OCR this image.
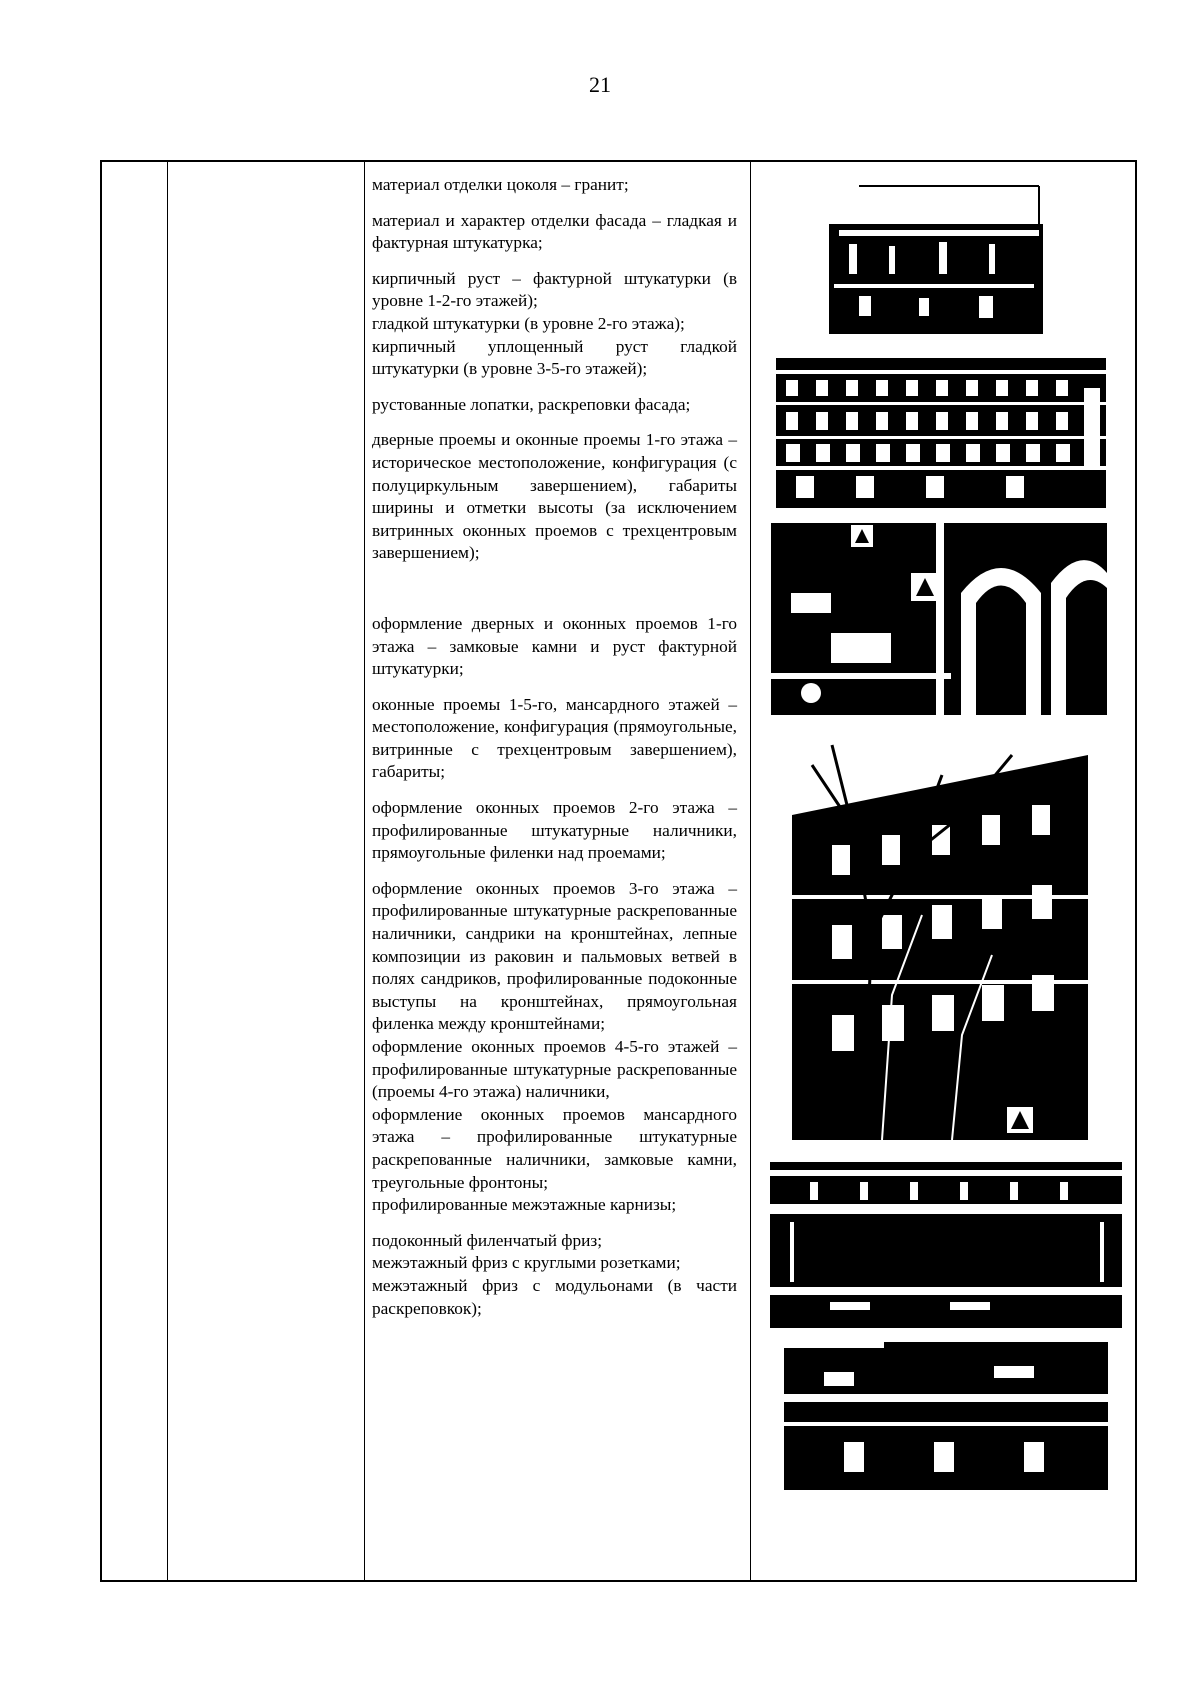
21

материал отделки цоколя – гранит;

материал и характер отделки фасада – гладкая и фактурная штукатурка;

кирпичный руст – фактурной штукатурки (в уровне 1-2-го этажей);
гладкой штукатурки (в уровне 2-го этажа);
кирпичный уплощенный руст гладкой штукатурки (в уровне 3-5-го этажей);

рустованные лопатки, раскреповки фасада;

дверные проемы и оконные проемы 1-го этажа – историческое местоположение, конфигурация (с полуциркульным завершением), габариты ширины и отметки высоты (за исключением витринных оконных проемов с трехцентровым завершением);

оформление дверных и оконных проемов 1-го этажа – замковые камни и руст фактурной штукатурки;

оконные проемы 1-5-го, мансардного этажей – местоположение, конфигурация (прямоугольные, витринные с трехцентровым завершением), габариты;

оформление оконных проемов 2-го этажа – профилированные штукатурные наличники, прямоугольные филенки над проемами;

оформление оконных проемов 3-го этажа – профилированные штукатурные раскрепованные наличники, сандрики на кронштейнах, лепные композиции из раковин и пальмовых ветвей в полях сандриков, профилированные подоконные выступы на кронштейнах, прямоугольная филенка между кронштейнами;
оформление оконных проемов 4-5-го этажей – профилированные штукатурные раскрепованные (проемы 4-го этажа) наличники,
оформление оконных проемов мансардного этажа – профилированные штукатурные раскрепованные наличники, замковые камни, треугольные фронтоны;
профилированные межэтажные карнизы;

подоконный филенчатый фриз;
межэтажный фриз с круглыми розетками;
межэтажный фриз с модульонами (в части раскреповкок);
